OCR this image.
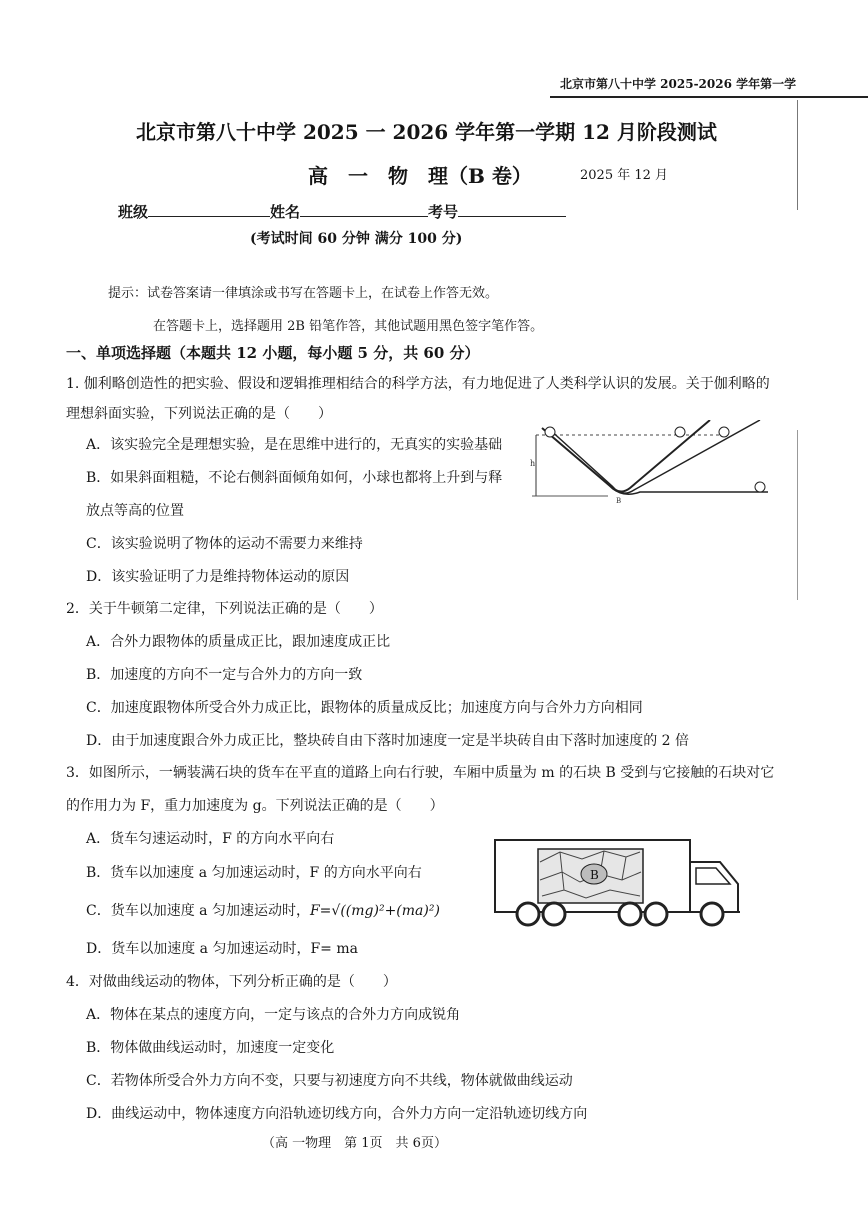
北京市第八十中学 2025-2026 学年第一学
北京市第八十中学 2025 一 2026 学年第一学期 12 月阶段测试
高　一　物　理（B 卷）	2025 年 12 月
班级	姓名	考号
(考试时间 60 分钟 满分 100 分)
提示：试卷答案请一律填涂或书写在答题卡上，在试卷上作答无效。
在答题卡上，选择题用 2B 铅笔作答，其他试题用黑色签字笔作答。
一、单项选择题（本题共 12 小题，每小题 5 分，共 60 分）
1. 伽利略创造性的把实验、假设和逻辑推理相结合的科学方法，有力地促进了人类科学认识的发展。关于伽利略的
理想斜面实验，下列说法正确的是（　　）
A．该实验完全是理想实验，是在思维中进行的，无真实的实验基础
B．如果斜面粗糙，不论右侧斜面倾角如何，小球也都将上升到与释
放点等高的位置
C．该实验说明了物体的运动不需要力来维持
D．该实验证明了力是维持物体运动的原因
h
B
2．关于牛顿第二定律，下列说法正确的是（　　）
A．合外力跟物体的质量成正比，跟加速度成正比
B．加速度的方向不一定与合外力的方向一致
C．加速度跟物体所受合外力成正比，跟物体的质量成反比；加速度方向与合外力方向相同
D．由于加速度跟合外力成正比，整块砖自由下落时加速度一定是半块砖自由下落时加速度的 2 倍
3．如图所示，一辆装满石块的货车在平直的道路上向右行驶，车厢中质量为 m 的石块 B 受到与它接触的石块对它
的作用力为 F，重力加速度为 g。下列说法正确的是（　　）
A．货车匀速运动时，F 的方向水平向右
B．货车以加速度 a 匀加速运动时，F 的方向水平向右
C．货车以加速度 a 匀加速运动时，F=√((mg)²+(ma)²)
D．货车以加速度 a 匀加速运动时，F= ma
B
4．对做曲线运动的物体，下列分析正确的是（　　）
A．物体在某点的速度方向，一定与该点的合外力方向成锐角
B．物体做曲线运动时，加速度一定变化
C．若物体所受合外力方向不变，只要与初速度方向不共线，物体就做曲线运动
D．曲线运动中，物体速度方向沿轨迹切线方向，合外力方向一定沿轨迹切线方向
（高 一物理　第 1页　共 6页）
